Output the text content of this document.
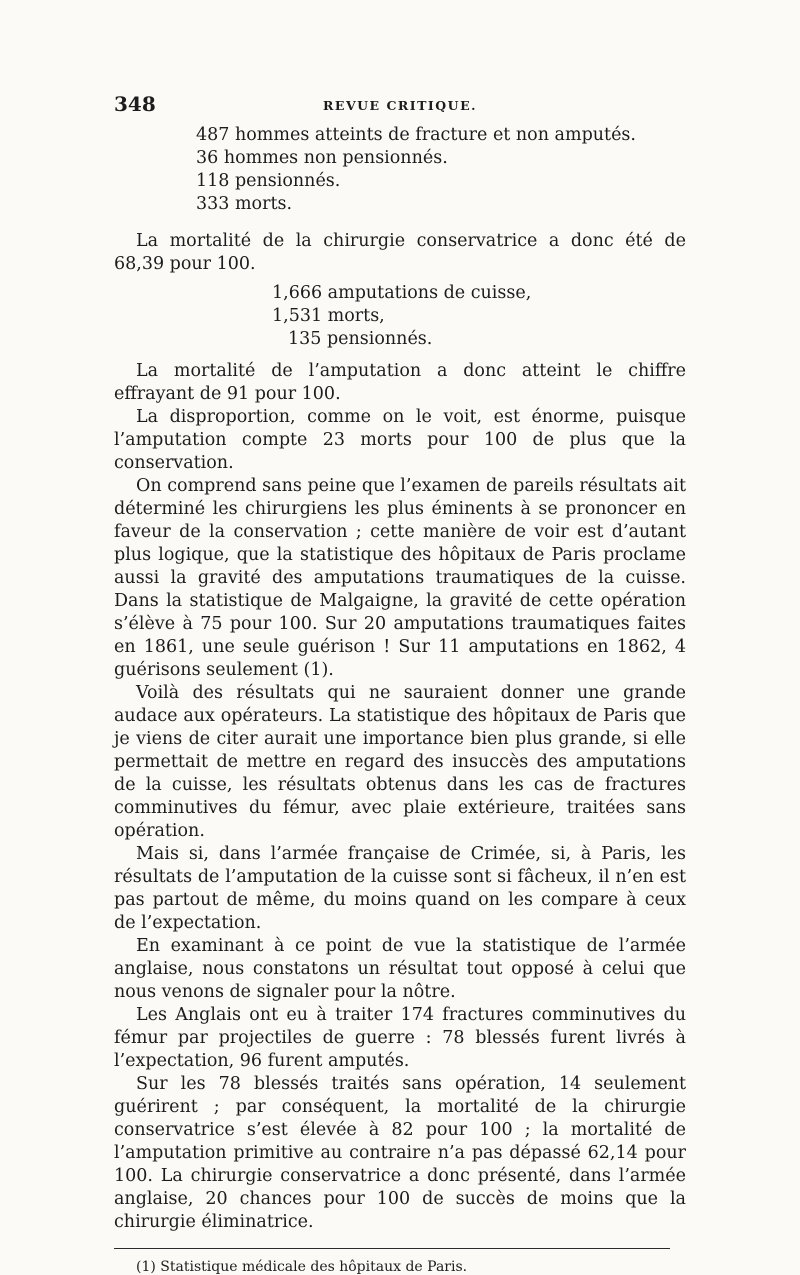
348	REVUE CRITIQUE.
487 hommes atteints de fracture et non amputés.
36 hommes non pensionnés.
118 pensionnés.
333 morts.

La mortalité de la chirurgie conservatrice a donc été de 68,39 pour 100.

1,666 amputations de cuisse,
1,531 morts,
135 pensionnés.

La mortalité de l’amputation a donc atteint le chiffre effrayant de 91 pour 100.

La disproportion, comme on le voit, est énorme, puisque l’amputation compte 23 morts pour 100 de plus que la conservation.

On comprend sans peine que l’examen de pareils résultats ait déterminé les chirurgiens les plus éminents à se prononcer en faveur de la conservation ; cette manière de voir est d’autant plus logique, que la statistique des hôpitaux de Paris proclame aussi la gravité des amputations traumatiques de la cuisse. Dans la statistique de Malgaigne, la gravité de cette opération s’élève à 75 pour 100. Sur 20 amputations traumatiques faites en 1861, une seule guérison ! Sur 11 amputations en 1862, 4 guérisons seulement (1).

Voilà des résultats qui ne sauraient donner une grande audace aux opérateurs. La statistique des hôpitaux de Paris que je viens de citer aurait une importance bien plus grande, si elle permettait de mettre en regard des insuccès des amputations de la cuisse, les résultats obtenus dans les cas de fractures comminutives du fémur, avec plaie extérieure, traitées sans opération.

Mais si, dans l’armée française de Crimée, si, à Paris, les résultats de l’amputation de la cuisse sont si fâcheux, il n’en est pas partout de même, du moins quand on les compare à ceux de l’expectation.

En examinant à ce point de vue la statistique de l’armée anglaise, nous constatons un résultat tout opposé à celui que nous venons de signaler pour la nôtre.

Les Anglais ont eu à traiter 174 fractures comminutives du fémur par projectiles de guerre : 78 blessés furent livrés à l’expectation, 96 furent amputés.

Sur les 78 blessés traités sans opération, 14 seulement guérirent ; par conséquent, la mortalité de la chirurgie conservatrice s’est élevée à 82 pour 100 ; la mortalité de l’amputation primitive au contraire n’a pas dépassé 62,14 pour 100. La chirurgie conservatrice a donc présenté, dans l’armée anglaise, 20 chances pour 100 de succès de moins que la chirurgie éliminatrice.

(1) Statistique médicale des hôpitaux de Paris.
